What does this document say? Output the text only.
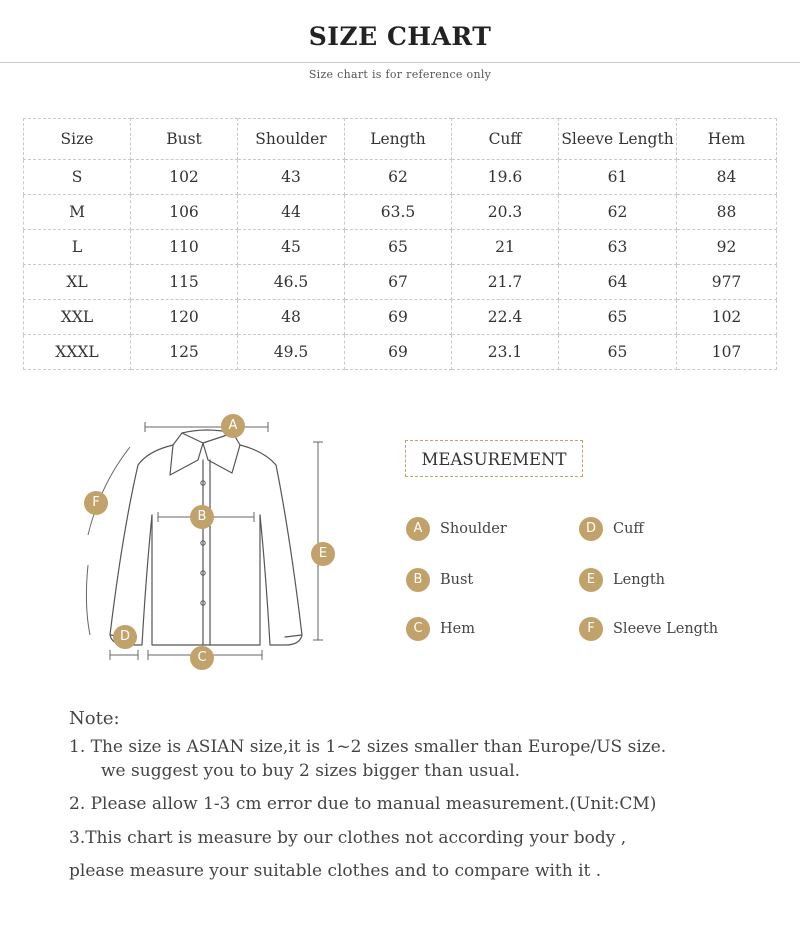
SIZE CHART
Size chart is for reference only
Size	Bust	Shoulder	Length	Cuff	Sleeve Length	Hem
S	102	43	62	19.6	61	84
M	106	44	63.5	20.3	62	88
L	110	45	65	21	63	92
XL	115	46.5	67	21.7	64	977
XXL	120	48	69	22.4	65	102
XXXL	125	49.5	69	23.1	65	107
A
B
C
D
E
F
MEASUREMENT
A	Shoulder
B	Bust
C	Hem
D	Cuff
E	Length
F	Sleeve Length
Note:
1. The size is ASIAN size,it is 1~2 sizes smaller than Europe/US size.
we suggest you to buy 2 sizes bigger than usual.
2. Please allow 1-3 cm error due to manual measurement.(Unit:CM)
3.This chart is measure by our clothes not according your body ,
please measure your suitable clothes and to compare with it .
